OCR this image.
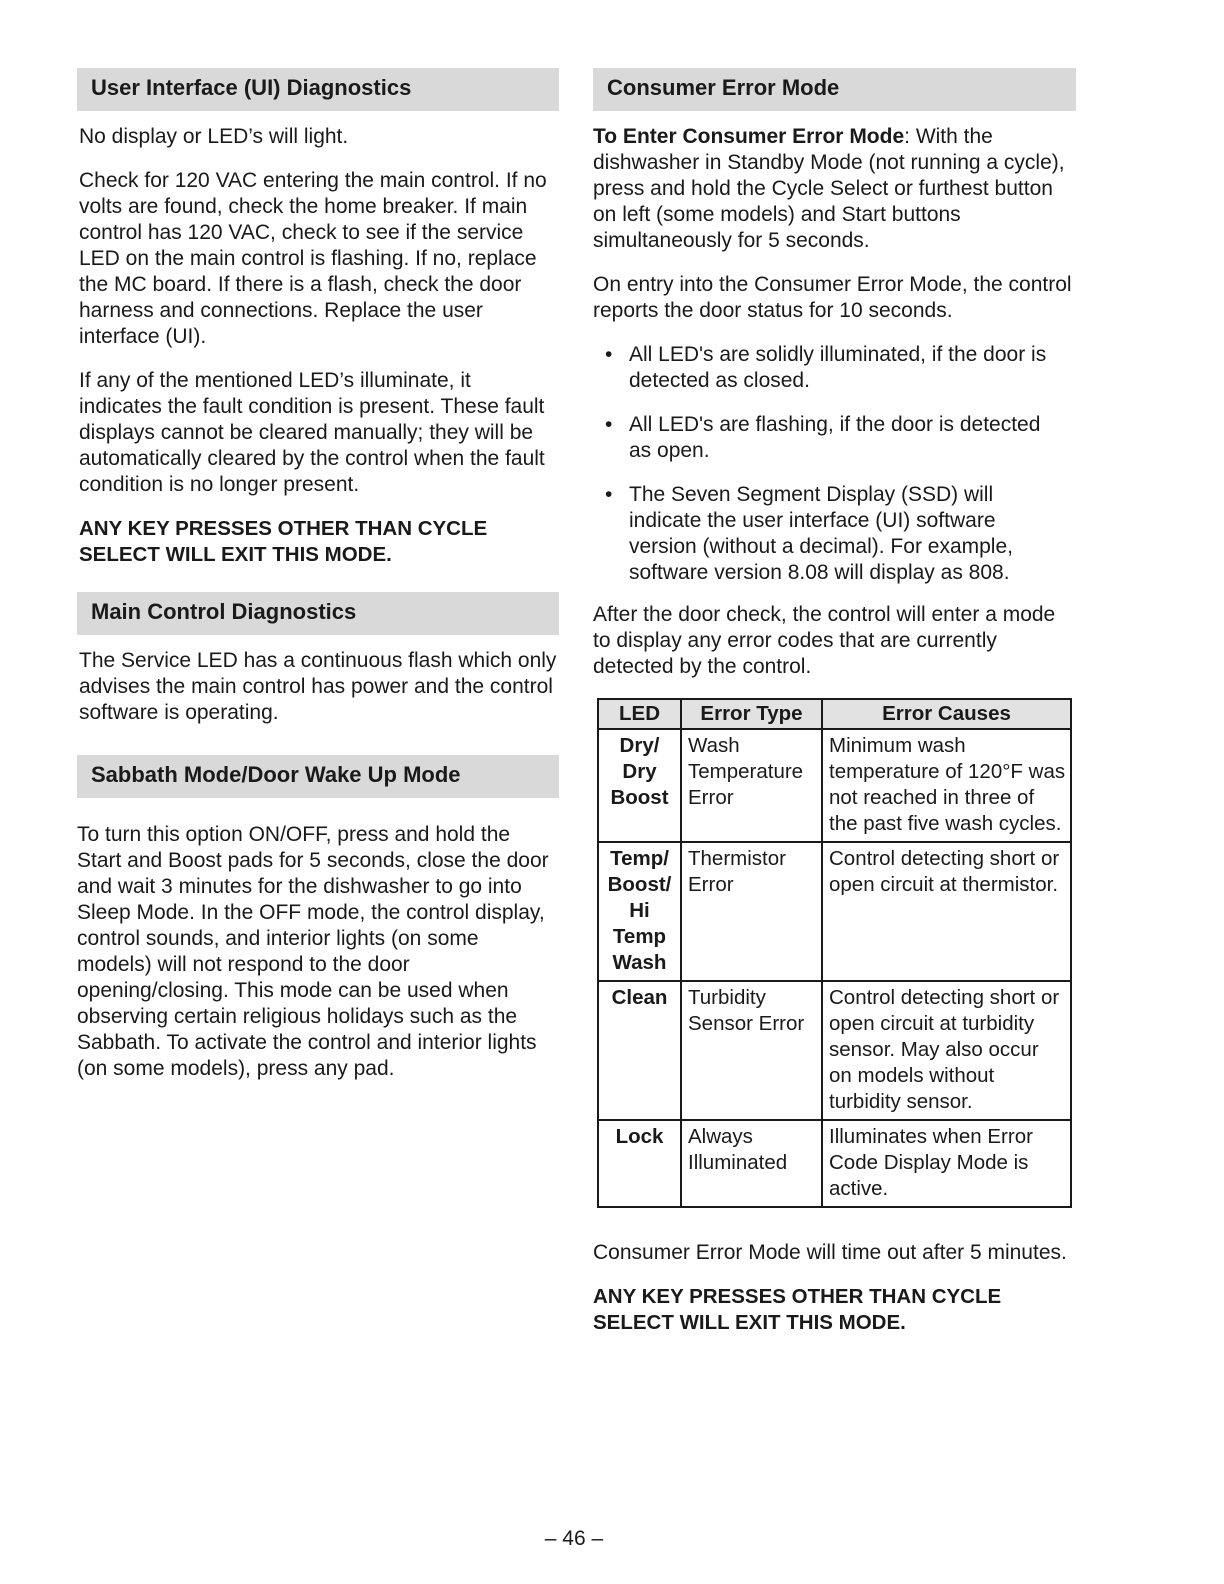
User Interface (UI) Diagnostics

No display or LED’s will light.

Check for 120 VAC entering the main control. If no volts are found, check the home breaker. If main control has 120 VAC, check to see if the service LED on the main control is flashing. If no, replace the MC board. If there is a flash, check the door harness and connections. Replace the user interface (UI).

If any of the mentioned LED’s illuminate, it indicates the fault condition is present. These fault displays cannot be cleared manually; they will be automatically cleared by the control when the fault condition is no longer present.

ANY KEY PRESSES OTHER THAN CYCLE SELECT WILL EXIT THIS MODE.

Main Control Diagnostics

The Service LED has a continuous flash which only advises the main control has power and the control software is operating.

Sabbath Mode/Door Wake Up Mode

To turn this option ON/OFF, press and hold the Start and Boost pads for 5 seconds, close the door and wait 3 minutes for the dishwasher to go into Sleep Mode. In the OFF mode, the control display, control sounds, and interior lights (on some models) will not respond to the door opening/closing. This mode can be used when observing certain religious holidays such as the Sabbath. To activate the control and interior lights (on some models), press any pad.

Consumer Error Mode

To Enter Consumer Error Mode: With the dishwasher in Standby Mode (not running a cycle), press and hold the Cycle Select or furthest button on left (some models) and Start buttons simultaneously for 5 seconds.

On entry into the Consumer Error Mode, the control reports the door status for 10 seconds.

• All LED's are solidly illuminated, if the door is detected as closed.
• All LED's are flashing, if the door is detected as open.
• The Seven Segment Display (SSD) will indicate the user interface (UI) software version (without a decimal). For example, software version 8.08 will display as 808.

After the door check, the control will enter a mode to display any error codes that are currently detected by the control.

LED	Error Type	Error Causes
Dry/ Dry Boost	Wash Temperature Error	Minimum wash temperature of 120°F was not reached in three of the past five wash cycles.
Temp/ Boost/ Hi Temp Wash	Thermistor Error	Control detecting short or open circuit at thermistor.
Clean	Turbidity Sensor Error	Control detecting short or open circuit at turbidity sensor. May also occur on models without turbidity sensor.
Lock	Always Illuminated	Illuminates when Error Code Display Mode is active.

Consumer Error Mode will time out after 5 minutes.

ANY KEY PRESSES OTHER THAN CYCLE SELECT WILL EXIT THIS MODE.

– 46 –
